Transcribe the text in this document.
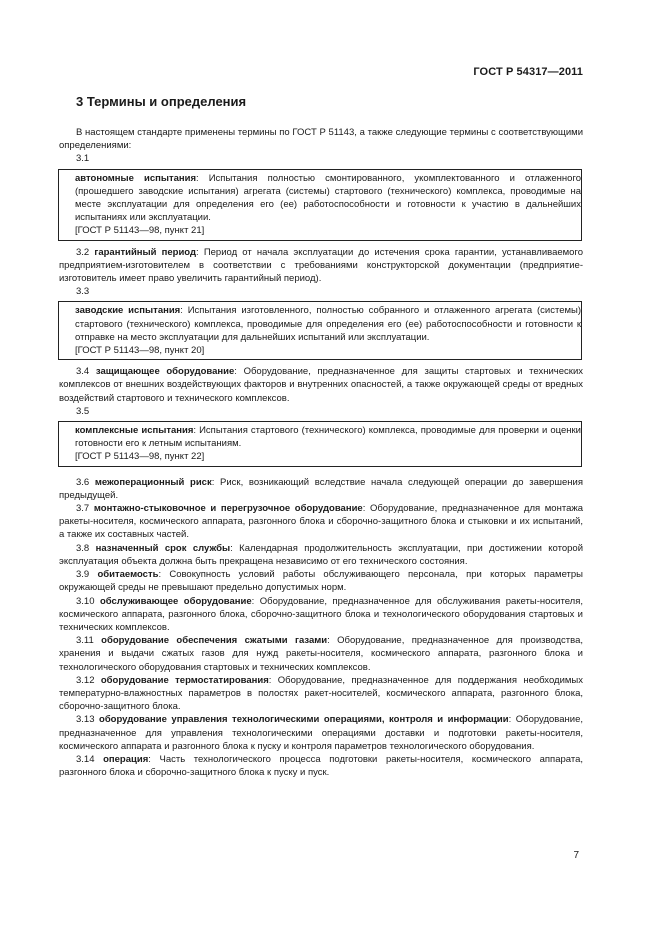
ГОСТ Р 54317—2011
3 Термины и определения

В настоящем стандарте применены термины по ГОСТ Р 51143, а также следующие термины с соответствующими определениями:

3.1

автономные испытания: Испытания полностью смонтированного, укомплектованного и отлаженного (прошедшего заводские испытания) агрегата (системы) стартового (технического) комплекса, проводимые на месте эксплуатации для определения его (ее) работоспособности и готовности к участию в дальнейших испытаниях или эксплуатации.

[ГОСТ Р 51143—98, пункт 21]

3.2 гарантийный период: Период от начала эксплуатации до истечения срока гарантии, устанавливаемого предприятием-изготовителем в соответствии с требованиями конструкторской документации (предприятие-изготовитель имеет право увеличить гарантийный период).

3.3

заводские испытания: Испытания изготовленного, полностью собранного и отлаженного агрегата (системы) стартового (технического) комплекса, проводимые для определения его (ее) работоспособности и готовности к отправке на место эксплуатации для дальнейших испытаний или эксплуатации.

[ГОСТ Р 51143—98, пункт 20]

3.4 защищающее оборудование: Оборудование, предназначенное для защиты стартовых и технических комплексов от внешних воздействующих факторов и внутренних опасностей, а также окружающей среды от вредных воздействий стартового и технического комплексов.

3.5

комплексные испытания: Испытания стартового (технического) комплекса, проводимые для проверки и оценки готовности его к летным испытаниям.

[ГОСТ Р 51143—98, пункт 22]

3.6 межоперационный риск: Риск, возникающий вследствие начала следующей операции до завершения предыдущей.

3.7 монтажно-стыковочное и перегрузочное оборудование: Оборудование, предназначенное для монтажа ракеты-носителя, космического аппарата, разгонного блока и сборочно-защитного блока и стыковки и их испытаний, а также их составных частей.

3.8 назначенный срок службы: Календарная продолжительность эксплуатации, при достижении которой эксплуатация объекта должна быть прекращена независимо от его технического состояния.

3.9 обитаемость: Совокупность условий работы обслуживающего персонала, при которых параметры окружающей среды не превышают предельно допустимых норм.

3.10 обслуживающее оборудование: Оборудование, предназначенное для обслуживания ракеты-носителя, космического аппарата, разгонного блока, сборочно-защитного блока и технологического оборудования стартовых и технических комплексов.

3.11 оборудование обеспечения сжатыми газами: Оборудование, предназначенное для производства, хранения и выдачи сжатых газов для нужд ракеты-носителя, космического аппарата, разгонного блока и технологического оборудования стартовых и технических комплексов.

3.12 оборудование термостатирования: Оборудование, предназначенное для поддержания необходимых температурно-влажностных параметров в полостях ракет-носителей, космического аппарата, разгонного блока, сборочно-защитного блока.

3.13 оборудование управления технологическими операциями, контроля и информации: Оборудование, предназначенное для управления технологическими операциями доставки и подготовки ракеты-носителя, космического аппарата и разгонного блока к пуску и контроля параметров технологического оборудования.

3.14 операция: Часть технологического процесса подготовки ракеты-носителя, космического аппарата, разгонного блока и сборочно-защитного блока к пуску и пуск.

7
